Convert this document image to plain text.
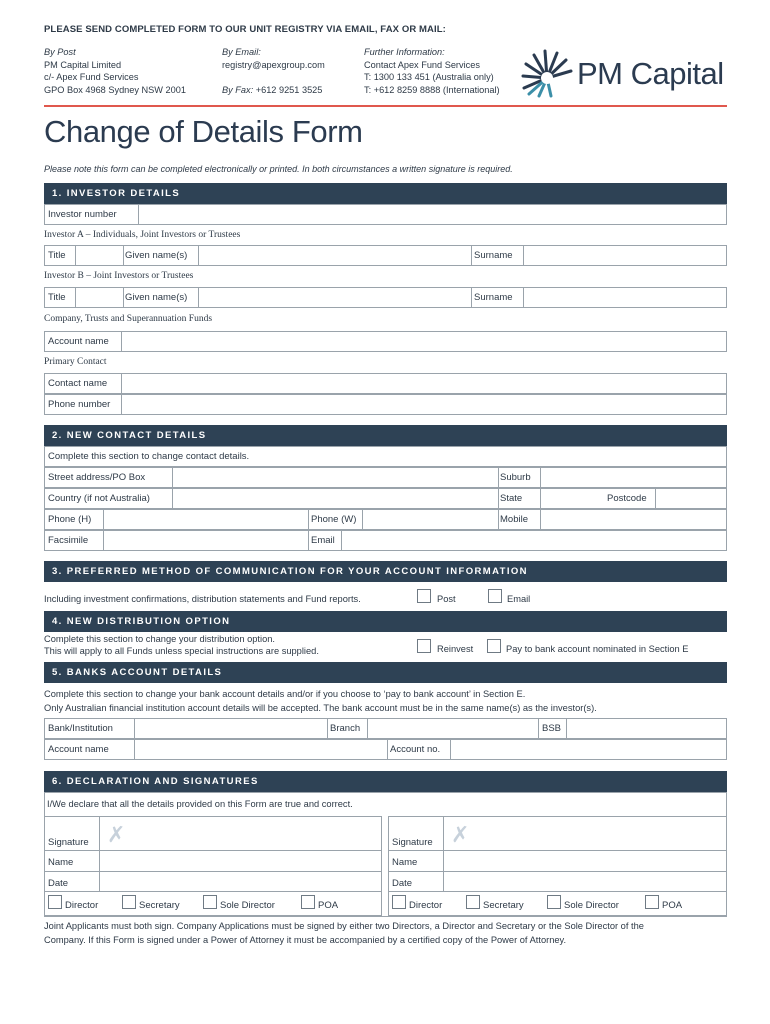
PLEASE SEND COMPLETED FORM TO OUR UNIT REGISTRY VIA EMAIL, FAX OR MAIL:
By Post
PM Capital Limited
c/- Apex Fund Services
GPO Box 4968 Sydney NSW 2001
By Email:
registry@apexgroup.com
By Fax: +612 9251 3525
Further Information:
Contact Apex Fund Services
T: 1300 133 451 (Australia only)
T: +612 8259 8888 (International) PM Capital
Change of Details Form
Please note this form can be completed electronically or printed. In both circumstances a written signature is required.
1. INVESTOR DETAILS
Investor number
Investor A – Individuals, Joint Investors or Trustees
Title	Given name(s)	Surname
Investor B – Joint Investors or Trustees
Title	Given name(s)	Surname
Company, Trusts and Superannuation Funds
Account name
Primary Contact
Contact name
Phone number
2. NEW CONTACT DETAILS
Complete this section to change contact details.
Street address/PO Box	Suburb
Country (if not Australia)	State	Postcode
Phone (H)	Phone (W)	Mobile
Facsimile	Email
3. PREFERRED METHOD OF COMMUNICATION FOR YOUR ACCOUNT INFORMATION
Including investment confirmations, distribution statements and Fund reports.	Post	Email
4. NEW DISTRIBUTION OPTION
Complete this section to change your distribution option.
This will apply to all Funds unless special instructions are supplied.	Reinvest	Pay to bank account nominated in Section E
5. BANKS ACCOUNT DETAILS
Complete this section to change your bank account details and/or if you choose to ‘pay to bank account’ in Section E.
Only Australian financial institution account details will be accepted. The bank account must be in the same name(s) as the investor(s).
Bank/Institution	Branch	BSB
Account name	Account no.
6. DECLARATION AND SIGNATURES
I/We declare that all the details provided on this Form are true and correct.
Signature ✗
Name
Date
Director	Secretary	Sole Director	POA
Signature ✗
Name
Date
Director	Secretary	Sole Director	POA
Joint Applicants must both sign. Company Applications must be signed by either two Directors, a Director and Secretary or the Sole Director of the
Company. If this Form is signed under a Power of Attorney it must be accompanied by a certified copy of the Power of Attorney.
